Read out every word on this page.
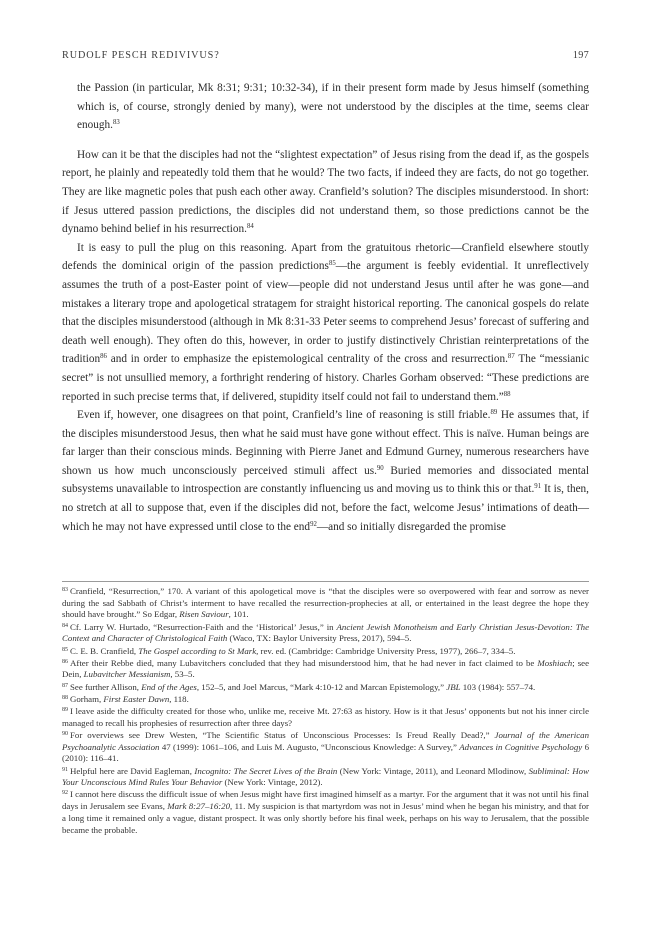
RUDOLF PESCH REDIVIVUS?	197

the Passion (in particular, Mk 8:31; 9:31; 10:32-34), if in their present form made by Jesus himself (something which is, of course, strongly denied by many), were not understood by the disciples at the time, seems clear enough.$^{83}$

How can it be that the disciples had not the “slightest expectation” of Jesus rising from the dead if, as the gospels report, he plainly and repeatedly told them that he would? The two facts, if indeed they are facts, do not go together. They are like magnetic poles that push each other away. Cranfield’s solution? The disciples misunderstood. In short: if Jesus uttered passion predictions, the disciples did not understand them, so those predictions cannot be the dynamo behind belief in his resurrection.$^{84}$

It is easy to pull the plug on this reasoning. Apart from the gratuitous rhetoric—Cranfield elsewhere stoutly defends the dominical origin of the passion predictions$^{85}$—the argument is feebly evidential. It unreflectively assumes the truth of a post-Easter point of view—people did not understand Jesus until after he was gone—and mistakes a literary trope and apologetical stratagem for straight historical reporting. The canonical gospels do relate that the disciples misunderstood (although in Mk 8:31-33 Peter seems to comprehend Jesus’ forecast of suffering and death well enough). They often do this, however, in order to justify distinctively Christian reinterpretations of the tradition$^{86}$ and in order to emphasize the epistemological centrality of the cross and resurrection.$^{87}$ The “messianic secret” is not unsullied memory, a forthright rendering of history. Charles Gorham observed: “These predictions are reported in such precise terms that, if delivered, stupidity itself could not fail to understand them.”$^{88}$

Even if, however, one disagrees on that point, Cranfield’s line of reasoning is still friable.$^{89}$ He assumes that, if the disciples misunderstood Jesus, then what he said must have gone without effect. This is naïve. Human beings are far larger than their conscious minds. Beginning with Pierre Janet and Edmund Gurney, numerous researchers have shown us how much unconsciously perceived stimuli affect us.$^{90}$ Buried memories and dissociated mental subsystems unavailable to introspection are constantly influencing us and moving us to think this or that.$^{91}$ It is, then, no stretch at all to suppose that, even if the disciples did not, before the fact, welcome Jesus’ intimations of death—which he may not have expressed until close to the end$^{92}$—and so initially disregarded the promise

$^{83}$ Cranfield, “Resurrection,” 170. A variant of this apologetical move is “that the disciples were so overpowered with fear and sorrow as never during the sad Sabbath of Christ’s interment to have recalled the resurrection-prophecies at all, or entertained in the least degree the hope they should have brought.” So Edgar, Risen Saviour, 101.

$^{84}$ Cf. Larry W. Hurtado, “Resurrection-Faith and the ‘Historical’ Jesus,” in Ancient Jewish Monotheism and Early Christian Jesus-Devotion: The Context and Character of Christological Faith (Waco, TX: Baylor University Press, 2017), 594–5.

$^{85}$ C. E. B. Cranfield, The Gospel according to St Mark, rev. ed. (Cambridge: Cambridge University Press, 1977), 266–7, 334–5.

$^{86}$ After their Rebbe died, many Lubavitchers concluded that they had misunderstood him, that he had never in fact claimed to be Moshiach; see Dein, Lubavitcher Messianism, 53–5.

$^{87}$ See further Allison, End of the Ages, 152–5, and Joel Marcus, “Mark 4:10-12 and Marcan Epistemology,” JBL 103 (1984): 557–74.

$^{88}$ Gorham, First Easter Dawn, 118.

$^{89}$ I leave aside the difficulty created for those who, unlike me, receive Mt. 27:63 as history. How is it that Jesus’ opponents but not his inner circle managed to recall his prophesies of resurrection after three days?

$^{90}$ For overviews see Drew Westen, “The Scientific Status of Unconscious Processes: Is Freud Really Dead?,” Journal of the American Psychoanalytic Association 47 (1999): 1061–106, and Luis M. Augusto, “Unconscious Knowledge: A Survey,” Advances in Cognitive Psychology 6 (2010): 116–41.

$^{91}$ Helpful here are David Eagleman, Incognito: The Secret Lives of the Brain (New York: Vintage, 2011), and Leonard Mlodinow, Subliminal: How Your Unconscious Mind Rules Your Behavior (New York: Vintage, 2012).

$^{92}$ I cannot here discuss the difficult issue of when Jesus might have first imagined himself as a martyr. For the argument that it was not until his final days in Jerusalem see Evans, Mark 8:27–16:20, 11. My suspicion is that martyrdom was not in Jesus’ mind when he began his ministry, and that for a long time it remained only a vague, distant prospect. It was only shortly before his final week, perhaps on his way to Jerusalem, that the possible became the probable.
